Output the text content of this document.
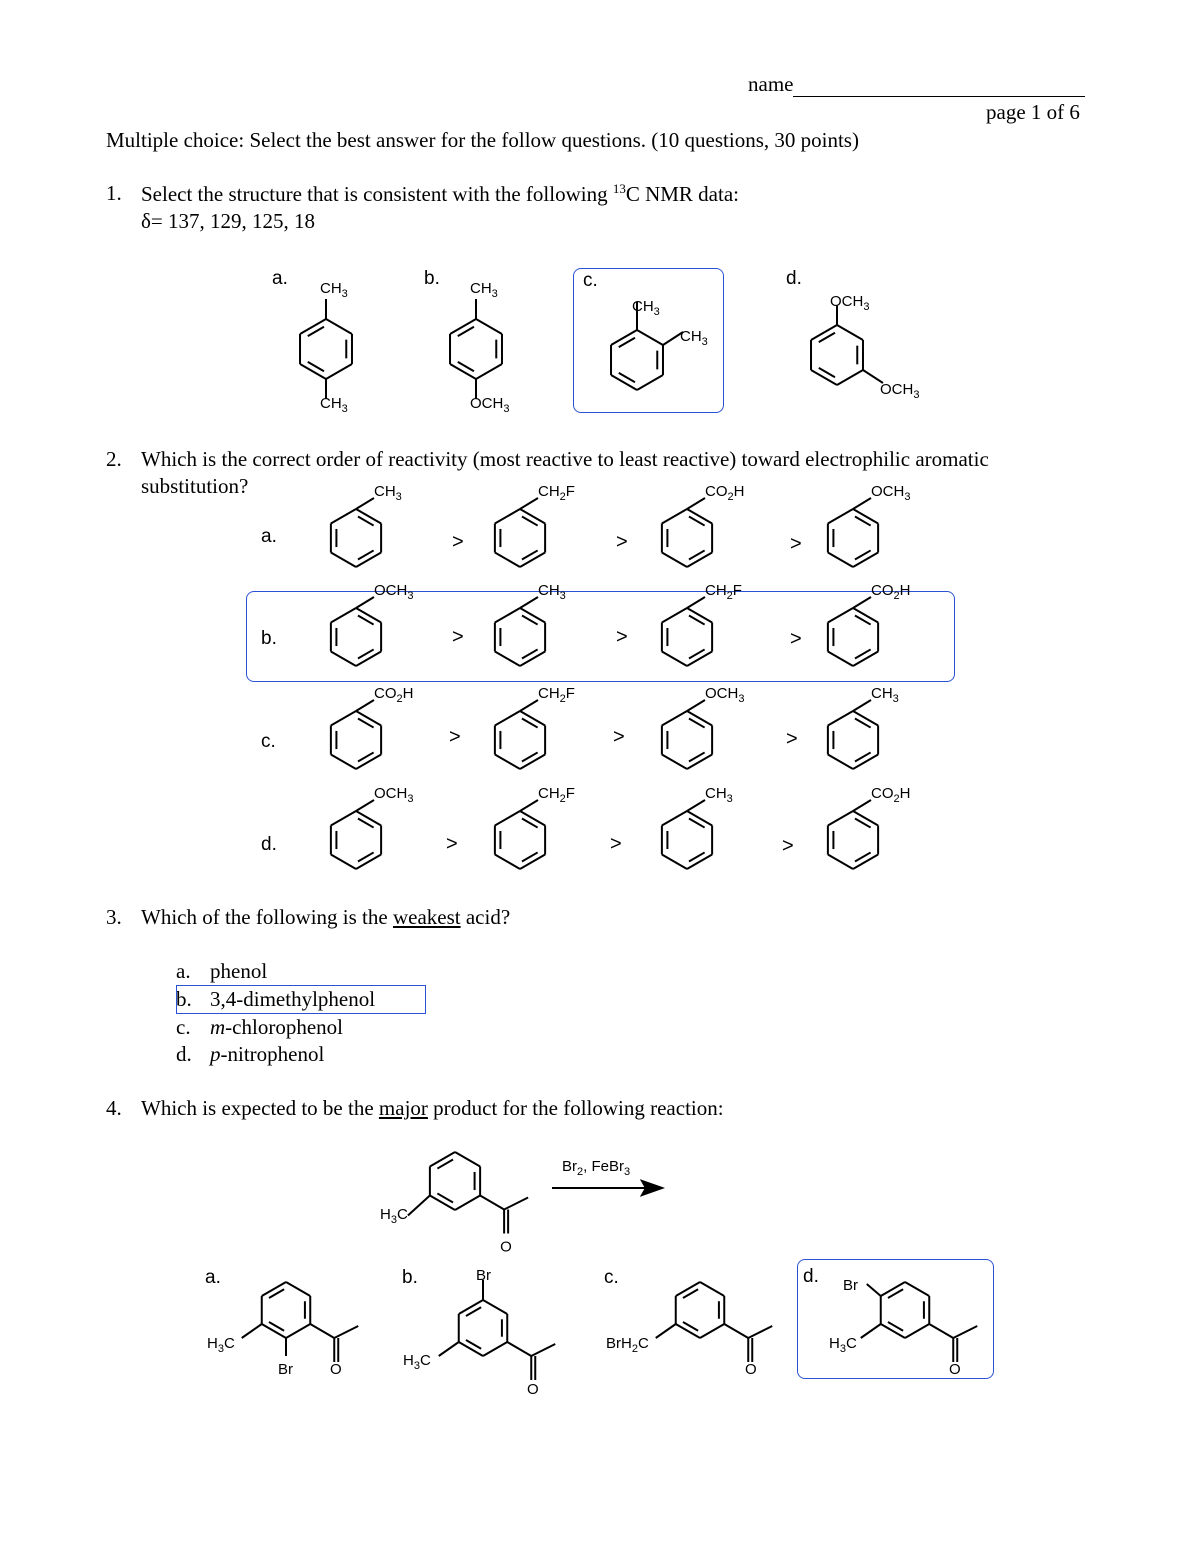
name
page 1 of 6
Multiple choice: Select the best answer for the follow questions. (10 questions, 30 points)
1. Select the structure that is consistent with the following $^{13}$C NMR data:
δ= 137, 129, 125, 18
a.	b.	c.	d.
2. Which is the correct order of reactivity (most reactive to least reactive) toward electrophilic aromatic
substitution?
a.
b.
c.
d.
>	>	>
>	>	>
>	>	>
>	>	>
3. Which of the following is the weakest acid?
a. phenol
b. 3,4-dimethylphenol
c. m-chlorophenol
d. p-nitrophenol
4. Which is expected to be the major product for the following reaction:
a.	b.	c.	d.
$CH_3$
$CH_3$
$CH_3$
$OCH_3$
$CH_3$
$CH_3$
$OCH_3$
$OCH_3$
$CH_3$	$CH_2F$	$CO_2H$	$OCH_3$
$OCH_3$	$CH_3$	$CH_2F$	$CO_2H$
$CO_2H$	$CH_2F$	$OCH_3$	$CH_3$
$OCH_3$	$CH_2F$	$CH_3$	$CO_2H$
$H_3C$
O
$Br_2$, FeBr$_3$
$H_3C$
Br O
Br
$H_3C$
O
BrH$_2$C
O
$H_3C$
Br
O
